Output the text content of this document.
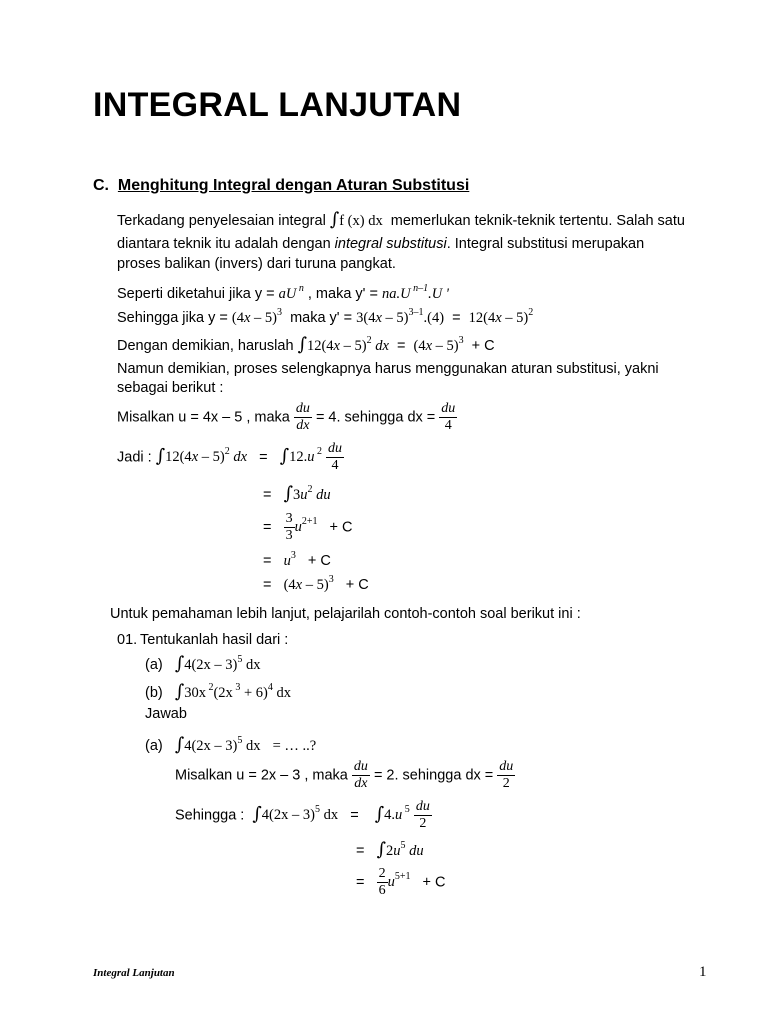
INTEGRAL LANJUTAN
C. Menghitung Integral dengan Aturan Substitusi
Terkadang penyelesaian integral ∫f (x) dx memerlukan teknik-teknik tertentu. Salah satu
diantara teknik itu adalah dengan integral substitusi. Integral substitusi merupakan
proses balikan (invers) dari turuna pangkat.
Seperti diketahui jika y = aU $^n$ , maka y' = na.U $^{n-1}$.U '
Sehingga jika y = (4x – 5)$^3$ maka y' = 3(4x – 5)$^{3-1}$.(4) = 12(4x – 5)$^2$
Dengan demikian, haruslah ∫12(4x – 5)$^2$ dx = (4x – 5)$^3$ + C
Namun demikian, proses selengkapnya harus menggunakan aturan substitusi, yakni
sebagai berikut :
Misalkan u = 4x – 5 , maka $\frac{du}{dx} = 4$. sehingga dx = $\frac{du}{4}$
Jadi : ∫12(4x – 5)$^2$ dx = ∫12.u $^2 \frac{du}{4}$
= $\int 3u^2$ du
= $\frac{3}{3} u^{2+1} + C$
= $u^3 + C$
= (4x – 5)$^3$ + C
Untuk pemahaman lebih lanjut, pelajarilah contoh-contoh soal berikut ini :
01. Tentukanlah hasil dari :
(a) ∫4(2x – 3)$^5$ dx
(b) ∫30x $^2$(2x $^3$ + 6)$^4$ dx
Jawab
(a) ∫4(2x – 3)$^5$ dx = … ..?
Misalkan u = 2x – 3 , maka $\frac{du}{dx} = 2$. sehingga dx = $\frac{du}{2}$
Sehingga : ∫4(2x – 3)$^5$ dx = ∫4.u $^5 \frac{du}{2}$
= $\int 2u^5$ du
= $\frac{2}{6} u^{5+1} + C$
Integral Lanjutan	1
